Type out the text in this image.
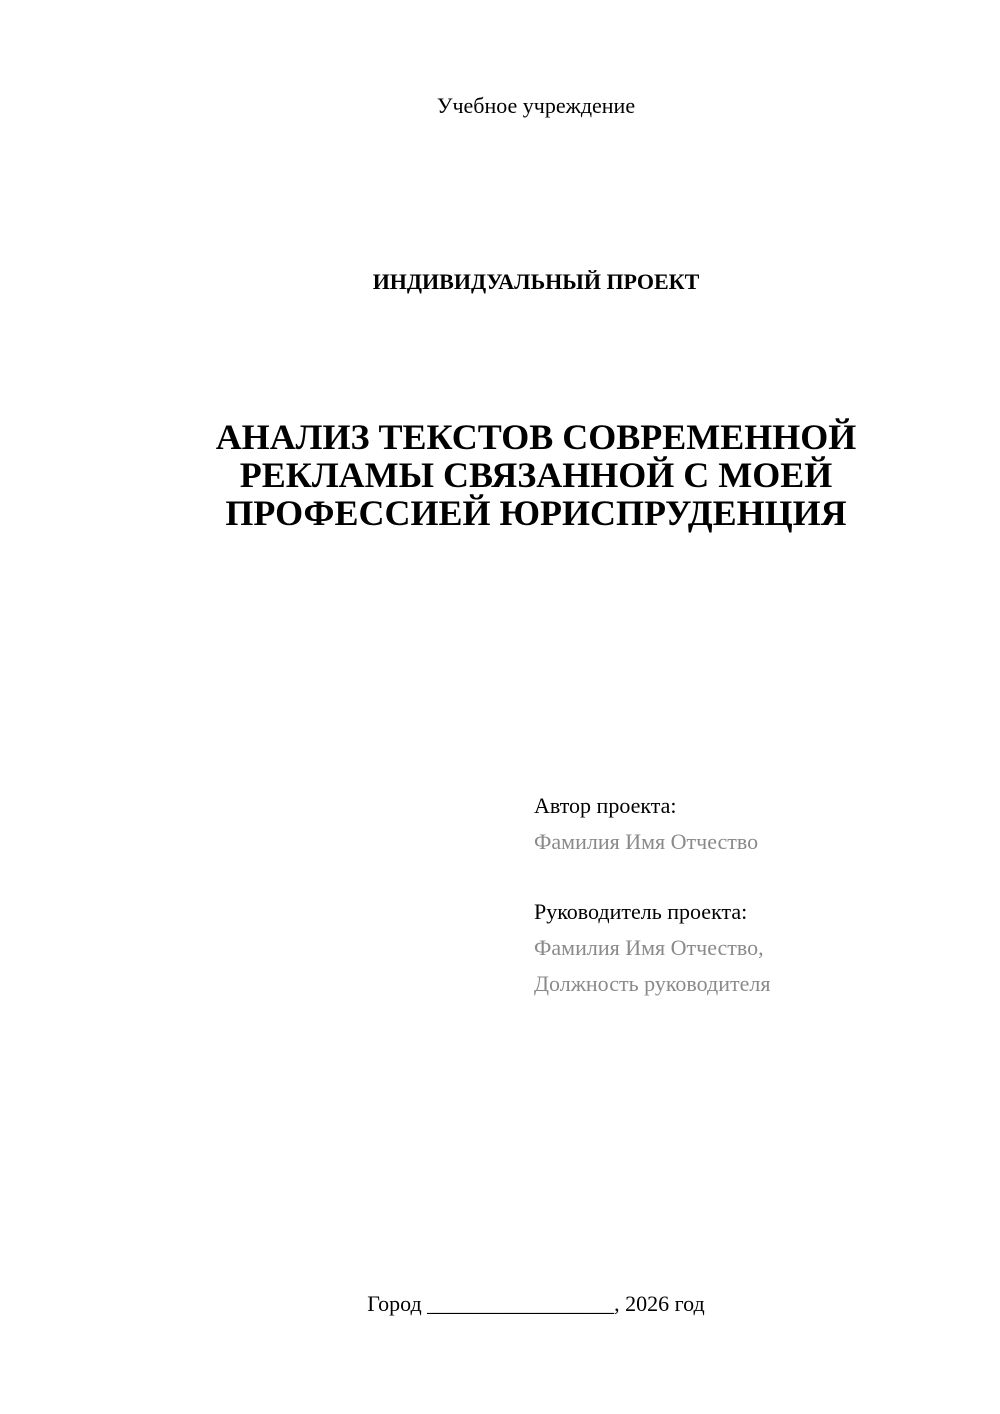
Учебное учреждение
ИНДИВИДУАЛЬНЫЙ ПРОЕКТ
АНАЛИЗ ТЕКСТОВ СОВРЕМЕННОЙ
РЕКЛАМЫ СВЯЗАННОЙ С МОЕЙ
ПРОФЕССИЕЙ ЮРИСПРУДЕНЦИЯ
Автор проекта:
Фамилия Имя Отчество
Руководитель проекта:
Фамилия Имя Отчество,
Должность руководителя
Город _________________, 2026 год
